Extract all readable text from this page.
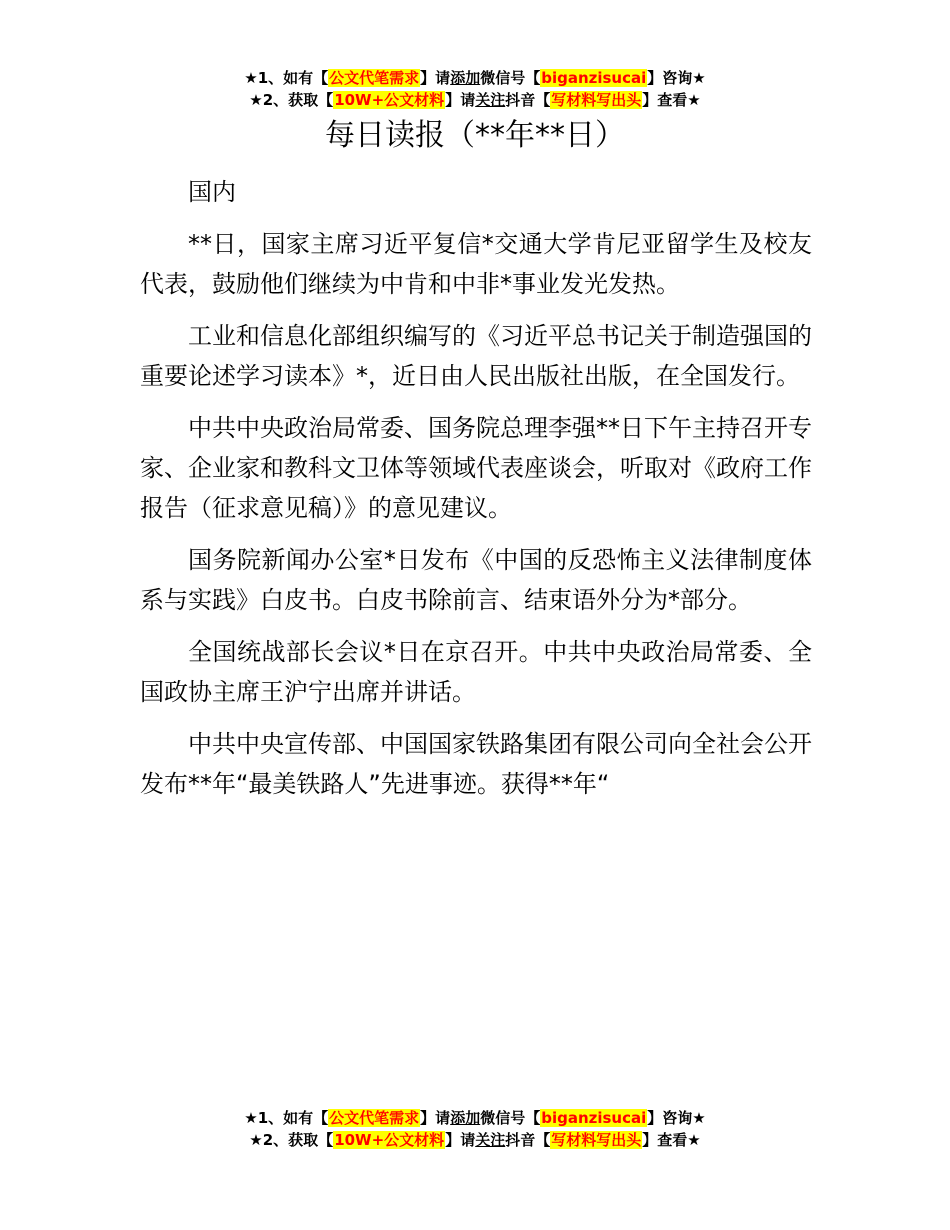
★1、如有【公文代笔需求】请添加微信号【biganzisucai】咨询★
★2、获取【10W+公文材料】请关注抖音【写材料写出头】查看★
每日读报（**年**日）

国内

**日，国家主席习近平复信*交通大学肯尼亚留学生及校友代表，鼓励他们继续为中肯和中非*事业发光发热。

工业和信息化部组织编写的《习近平总书记关于制造强国的重要论述学习读本》*，近日由人民出版社出版，在全国发行。

中共中央政治局常委、国务院总理李强**日下午主持召开专家、企业家和教科文卫体等领域代表座谈会，听取对《政府工作报告（征求意见稿）》的意见建议。

国务院新闻办公室*日发布《中国的反恐怖主义法律制度体系与实践》白皮书。白皮书除前言、结束语外分为*部分。

全国统战部长会议*日在京召开。中共中央政治局常委、全国政协主席王沪宁出席并讲话。

中共中央宣传部、中国国家铁路集团有限公司向全社会公开发布**年“最美铁路人”先进事迹。获得**年“

★1、如有【公文代笔需求】请添加微信号【biganzisucai】咨询★
★2、获取【10W+公文材料】请关注抖音【写材料写出头】查看★
